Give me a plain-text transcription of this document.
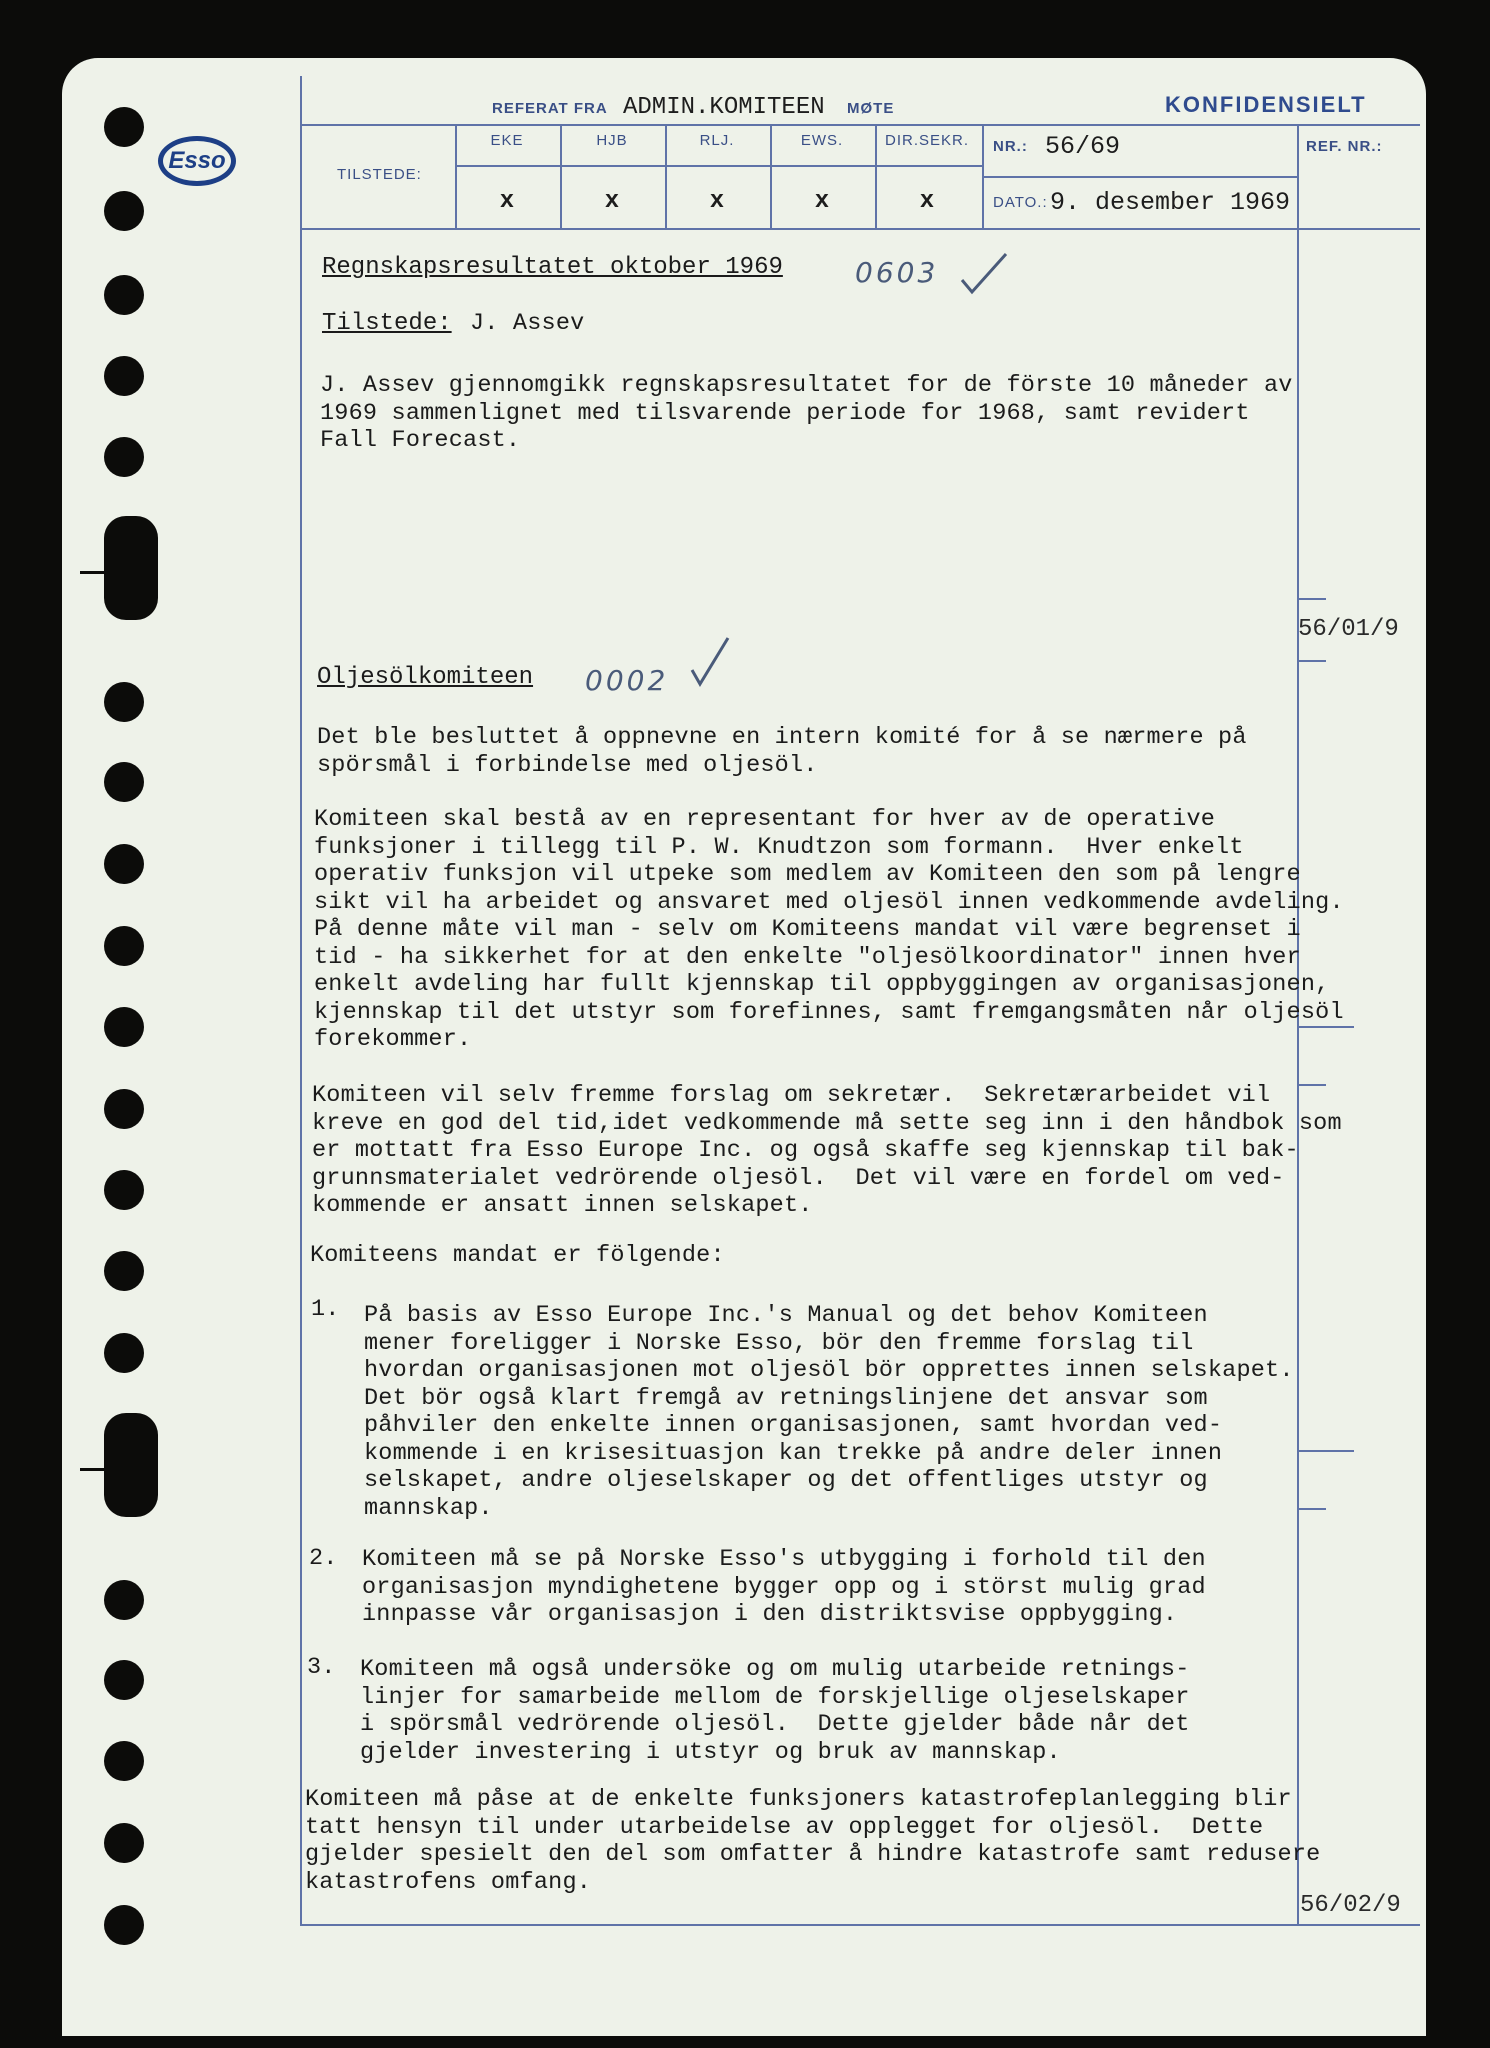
Esso
REFERAT FRA ADMIN.KOMITEEN MØTE	KONFIDENSIELT
TILSTEDE:
EKE	HJB	RLJ.	EWS.	DIR.SEKR.
x	x	x	x	x
NR.: 56/69	REF. NR.:
DATO.: 9. desember 1969
Regnskapsresultatet oktober 1969	0603
Tilstede: J. Assev
J. Assev gjennomgikk regnskapsresultatet for de förste 10 måneder av
1969 sammenlignet med tilsvarende periode for 1968, samt revidert
Fall Forecast.
56/01/9
Oljesölkomiteen 0002
Det ble besluttet å oppnevne en intern komité for å se nærmere på
spörsmål i forbindelse med oljesöl.
Komiteen skal bestå av en representant for hver av de operative
funksjoner i tillegg til P. W. Knudtzon som formann.  Hver enkelt
operativ funksjon vil utpeke som medlem av Komiteen den som på lengre
sikt vil ha arbeidet og ansvaret med oljesöl innen vedkommende avdeling.
På denne måte vil man - selv om Komiteens mandat vil være begrenset i
tid - ha sikkerhet for at den enkelte "oljesölkoordinator" innen hver
enkelt avdeling har fullt kjennskap til oppbyggingen av organisasjonen,
kjennskap til det utstyr som forefinnes, samt fremgangsmåten når oljesöl
forekommer.
Komiteen vil selv fremme forslag om sekretær.  Sekretærarbeidet vil
kreve en god del tid,idet vedkommende må sette seg inn i den håndbok som
er mottatt fra Esso Europe Inc. og også skaffe seg kjennskap til bak-
grunnsmaterialet vedrörende oljesöl.  Det vil være en fordel om ved-
kommende er ansatt innen selskapet.
Komiteens mandat er fölgende:
1. På basis av Esso Europe Inc.'s Manual og det behov Komiteen
mener foreligger i Norske Esso, bör den fremme forslag til
hvordan organisasjonen mot oljesöl bör opprettes innen selskapet.
Det bör også klart fremgå av retningslinjene det ansvar som
påhviler den enkelte innen organisasjonen, samt hvordan ved-
kommende i en krisesituasjon kan trekke på andre deler innen
selskapet, andre oljeselskaper og det offentliges utstyr og
mannskap.
2. Komiteen må se på Norske Esso's utbygging i forhold til den
organisasjon myndighetene bygger opp og i störst mulig grad
innpasse vår organisasjon i den distriktsvise oppbygging.
3. Komiteen må også undersöke og om mulig utarbeide retnings-
linjer for samarbeide mellom de forskjellige oljeselskaper
i spörsmål vedrörende oljesöl.  Dette gjelder både når det
gjelder investering i utstyr og bruk av mannskap.
Komiteen må påse at de enkelte funksjoners katastrofeplanlegging blir
tatt hensyn til under utarbeidelse av opplegget for oljesöl.  Dette
gjelder spesielt den del som omfatter å hindre katastrofe samt redusere
katastrofens omfang.
56/02/9
